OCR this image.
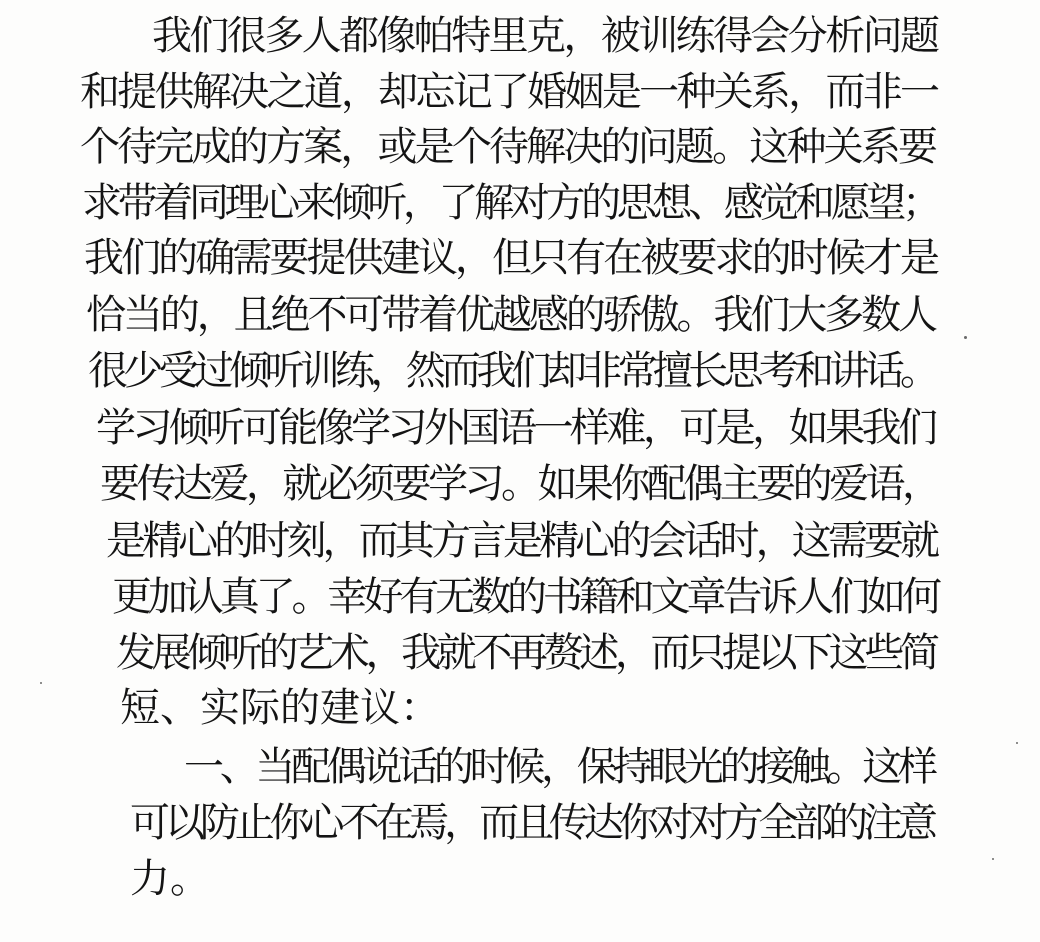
我们很多人都像帕特里克，被训练得会分析问题
和提供解决之道，却忘记了婚姻是一种关系，而非一
个待完成的方案，或是个待解决的问题。这种关系要
求带着同理心来倾听，了解对方的思想、感觉和愿望；
我们的确需要提供建议，但只有在被要求的时候才是
恰当的，且绝不可带着优越感的骄傲。我们大多数人
很少受过倾听训练，然而我们却非常擅长思考和讲话。
学习倾听可能像学习外国语一样难，可是，如果我们
要传达爱，就必须要学习。如果你配偶主要的爱语，
是精心的时刻，而其方言是精心的会话时，这需要就
更加认真了。幸好有无数的书籍和文章告诉人们如何
发展倾听的艺术，我就不再赘述，而只提以下这些简
短、实际的建议：
一、当配偶说话的时候，保持眼光的接触。这样
可以防止你心不在焉，而且传达你对对方全部的注意
力。
